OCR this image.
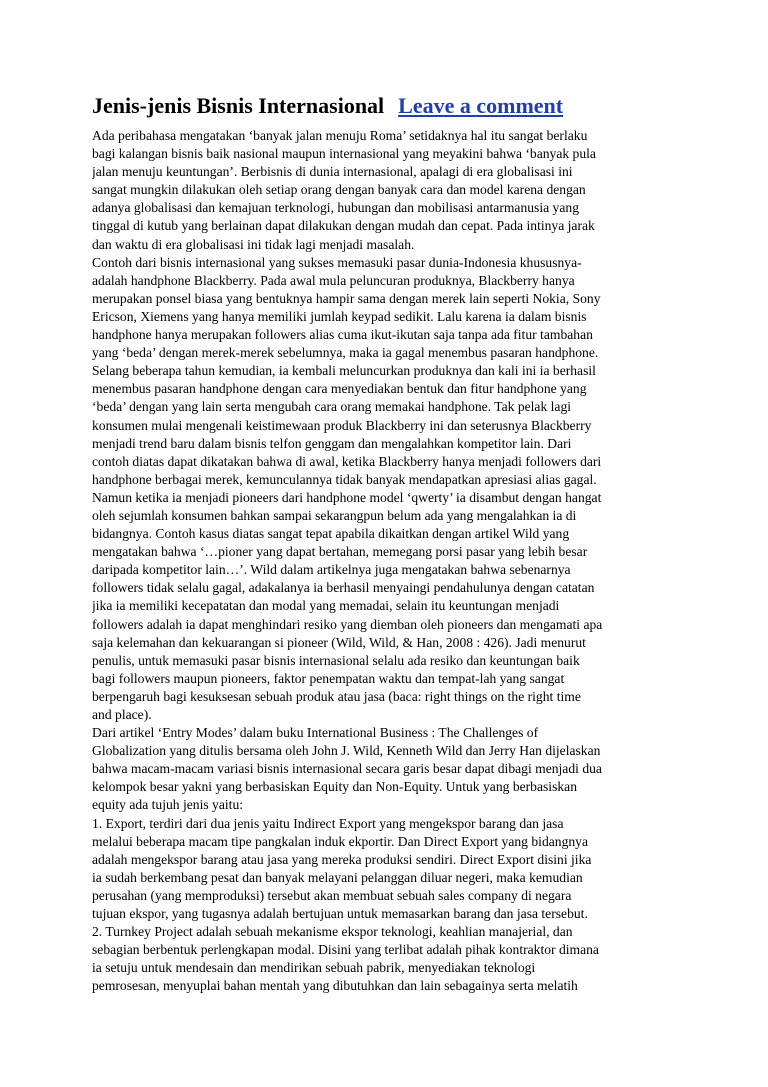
Jenis-jenis Bisnis Internasional Leave a comment
Ada peribahasa mengatakan ‘banyak jalan menuju Roma’ setidaknya hal itu sangat berlaku
bagi kalangan bisnis baik nasional maupun internasional yang meyakini bahwa ‘banyak pula
jalan menuju keuntungan’. Berbisnis di dunia internasional, apalagi di era globalisasi ini
sangat mungkin dilakukan oleh setiap orang dengan banyak cara dan model karena dengan
adanya globalisasi dan kemajuan terknologi, hubungan dan mobilisasi antarmanusia yang
tinggal di kutub yang berlainan dapat dilakukan dengan mudah dan cepat. Pada intinya jarak
dan waktu di era globalisasi ini tidak lagi menjadi masalah.
Contoh dari bisnis internasional yang sukses memasuki pasar dunia-Indonesia khususnya-
adalah handphone Blackberry. Pada awal mula peluncuran produknya, Blackberry hanya
merupakan ponsel biasa yang bentuknya hampir sama dengan merek lain seperti Nokia, Sony
Ericson, Xiemens yang hanya memiliki jumlah keypad sedikit. Lalu karena ia dalam bisnis
handphone hanya merupakan followers alias cuma ikut-ikutan saja tanpa ada fitur tambahan
yang ‘beda’ dengan merek-merek sebelumnya, maka ia gagal menembus pasaran handphone.
Selang beberapa tahun kemudian, ia kembali meluncurkan produknya dan kali ini ia berhasil
menembus pasaran handphone dengan cara menyediakan bentuk dan fitur handphone yang
‘beda’ dengan yang lain serta mengubah cara orang memakai handphone. Tak pelak lagi
konsumen mulai mengenali keistimewaan produk Blackberry ini dan seterusnya Blackberry
menjadi trend baru dalam bisnis telfon genggam dan mengalahkan kompetitor lain. Dari
contoh diatas dapat dikatakan bahwa di awal, ketika Blackberry hanya menjadi followers dari
handphone berbagai merek, kemunculannya tidak banyak mendapatkan apresiasi alias gagal.
Namun ketika ia menjadi pioneers dari handphone model ‘qwerty’ ia disambut dengan hangat
oleh sejumlah konsumen bahkan sampai sekarangpun belum ada yang mengalahkan ia di
bidangnya. Contoh kasus diatas sangat tepat apabila dikaitkan dengan artikel Wild yang
mengatakan bahwa ‘…pioner yang dapat bertahan, memegang porsi pasar yang lebih besar
daripada kompetitor lain…’. Wild dalam artikelnya juga mengatakan bahwa sebenarnya
followers tidak selalu gagal, adakalanya ia berhasil menyaingi pendahulunya dengan catatan
jika ia memiliki kecepatatan dan modal yang memadai, selain itu keuntungan menjadi
followers adalah ia dapat menghindari resiko yang diemban oleh pioneers dan mengamati apa
saja kelemahan dan kekuarangan si pioneer (Wild, Wild, & Han, 2008 : 426). Jadi menurut
penulis, untuk memasuki pasar bisnis internasional selalu ada resiko dan keuntungan baik
bagi followers maupun pioneers, faktor penempatan waktu dan tempat-lah yang sangat
berpengaruh bagi kesuksesan sebuah produk atau jasa (baca: right things on the right time
and place).
Dari artikel ‘Entry Modes’ dalam buku International Business : The Challenges of
Globalization yang ditulis bersama oleh John J. Wild, Kenneth Wild dan Jerry Han dijelaskan
bahwa macam-macam variasi bisnis internasional secara garis besar dapat dibagi menjadi dua
kelompok besar yakni yang berbasiskan Equity dan Non-Equity. Untuk yang berbasiskan
equity ada tujuh jenis yaitu:
1. Export, terdiri dari dua jenis yaitu Indirect Export yang mengekspor barang dan jasa
melalui beberapa macam tipe pangkalan induk ekportir. Dan Direct Export yang bidangnya
adalah mengekspor barang atau jasa yang mereka produksi sendiri. Direct Export disini jika
ia sudah berkembang pesat dan banyak melayani pelanggan diluar negeri, maka kemudian
perusahan (yang memproduksi) tersebut akan membuat sebuah sales company di negara
tujuan ekspor, yang tugasnya adalah bertujuan untuk memasarkan barang dan jasa tersebut.
2. Turnkey Project adalah sebuah mekanisme ekspor teknologi, keahlian manajerial, dan
sebagian berbentuk perlengkapan modal. Disini yang terlibat adalah pihak kontraktor dimana
ia setuju untuk mendesain dan mendirikan sebuah pabrik, menyediakan teknologi
pemrosesan, menyuplai bahan mentah yang dibutuhkan dan lain sebagainya serta melatih
